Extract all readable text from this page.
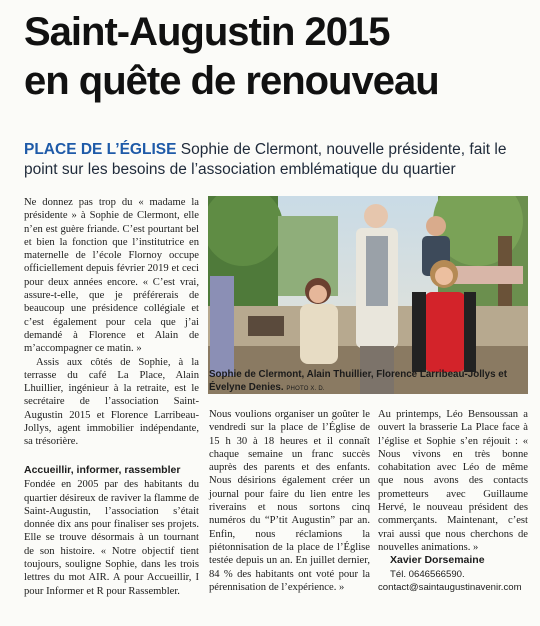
Saint-Augustin 2015
en quête de renouveau
PLACE DE L’ÉGLISE Sophie de Clermont, nouvelle présidente, fait le point sur les besoins de l’association emblématique du quartier

Ne donnez pas trop du « madame la présidente » à Sophie de Clermont, elle n’en est guère friande. C’est pourtant bel et bien la fonction que l’institutrice en maternelle de l’école Flornoy occupe officiellement depuis février 2019 et ceci pour deux années encore. « C’est vrai, assure-t-elle, que je préférerais de beaucoup une présidence collégiale et c’est également pour cela que j’ai demandé à Florence et Alain de m’accompagner ce matin. »

Assis aux côtés de Sophie, à la terrasse du café La Place, Alain Lhuillier, ingénieur à la retraite, est le secrétaire de l’association Saint-Augustin 2015 et Florence Larribeau-Jollys, agent immobilier indépendante, sa trésorière.

Accueillir, informer, rassembler

Fondée en 2005 par des habitants du quartier désireux de raviver la flamme de Saint-Augustin, l’association s’était donnée dix ans pour finaliser ses projets. Elle se trouve désormais à un tournant de son histoire. « Notre objectif tient toujours, souligne Sophie, dans les trois lettres du mot AIR. A pour Accueillir, I pour Informer et R pour Rassembler.

Sophie de Clermont, Alain Thuillier, Florence Larribeau-Jollys et Évelyne Denies. PHOTO X. D.

Nous voulions organiser un goûter le vendredi sur la place de l’Église de 15 h 30 à 18 heures et il connaît chaque semaine un franc succès auprès des parents et des enfants. Nous désirions également créer un journal pour faire du lien entre les riverains et nous sortons cinq numéros du “P’tit Augustin” par an. Enfin, nous réclamions la piétonnisation de la place de l’Église testée depuis un an. En juillet dernier, 84 % des habitants ont voté pour la pérennisation de l’expérience. »

Au printemps, Léo Bensoussan a ouvert la brasserie La Place face à l’église et Sophie s’en réjouit : « Nous vivons en très bonne cohabitation avec Léo de même que nous avons des contacts prometteurs avec Guillaume Hervé, le nouveau président des commerçants. Maintenant, c’est vrai aussi que nous cherchons de nouvelles animations. »

Xavier Dorsemaine

Tél. 0646566590.
contact@saintaugustinavenir.com
